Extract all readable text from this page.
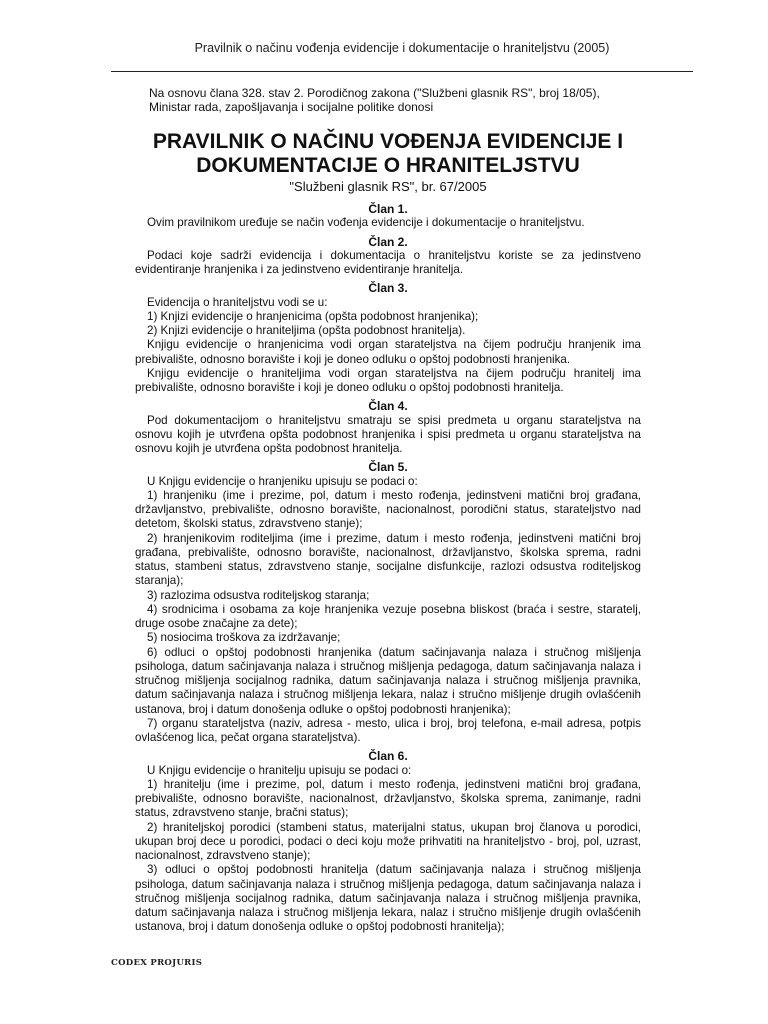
Pravilnik o načinu vođenja evidencije i dokumentacije o hraniteljstvu (2005)
Na osnovu člana 328. stav 2. Porodičnog zakona ("Službeni glasnik RS", broj 18/05),
Ministar rada, zapošljavanja i socijalne politike donosi
PRAVILNIK O NAČINU VOĐENJA EVIDENCIJE I
DOKUMENTACIJE O HRANITELJSTVU
"Službeni glasnik RS", br. 67/2005
Član 1.

Ovim pravilnikom uređuje se način vođenja evidencije i dokumentacije o hraniteljstvu.

Član 2.

Podaci koje sadrži evidencija i dokumentacija o hraniteljstvu koriste se za jedinstveno evidentiranje hranjenika i za jedinstveno evidentiranje hranitelja.

Član 3.

Evidencija o hraniteljstvu vodi se u:

1) Knjizi evidencije o hranjenicima (opšta podobnost hranjenika);

2) Knjizi evidencije o hraniteljima (opšta podobnost hranitelja).

Knjigu evidencije o hranjenicima vodi organ starateljstva na čijem području hranjenik ima prebivalište, odnosno boravište i koji je doneo odluku o opštoj podobnosti hranjenika.

Knjigu evidencije o hraniteljima vodi organ starateljstva na čijem području hranitelj ima prebivalište, odnosno boravište i koji je doneo odluku o opštoj podobnosti hranitelja.

Član 4.

Pod dokumentacijom o hraniteljstvu smatraju se spisi predmeta u organu starateljstva na osnovu kojih je utvrđena opšta podobnost hranjenika i spisi predmeta u organu starateljstva na osnovu kojih je utvrđena opšta podobnost hranitelja.

Član 5.

U Knjigu evidencije o hranjeniku upisuju se podaci o:

1) hranjeniku (ime i prezime, pol, datum i mesto rođenja, jedinstveni matični broj građana, državljanstvo, prebivalište, odnosno boravište, nacionalnost, porodični status, starateljstvo nad detetom, školski status, zdravstveno stanje);

2) hranjenikovim roditeljima (ime i prezime, datum i mesto rođenja, jedinstveni matični broj građana, prebivalište, odnosno boravište, nacionalnost, državljanstvo, školska sprema, radni status, stambeni status, zdravstveno stanje, socijalne disfunkcije, razlozi odsustva roditeljskog staranja);

3) razlozima odsustva roditeljskog staranja;

4) srodnicima i osobama za koje hranjenika vezuje posebna bliskost (braća i sestre, staratelj, druge osobe značajne za dete);

5) nosiocima troškova za izdržavanje;

6) odluci o opštoj podobnosti hranjenika (datum sačinjavanja nalaza i stručnog mišljenja psihologa, datum sačinjavanja nalaza i stručnog mišljenja pedagoga, datum sačinjavanja nalaza i stručnog mišljenja socijalnog radnika, datum sačinjavanja nalaza i stručnog mišljenja pravnika, datum sačinjavanja nalaza i stručnog mišljenja lekara, nalaz i stručno mišljenje drugih ovlašćenih ustanova, broj i datum donošenja odluke o opštoj podobnosti hranjenika);

7) organu starateljstva (naziv, adresa - mesto, ulica i broj, broj telefona, e-mail adresa, potpis ovlašćenog lica, pečat organa starateljstva).

Član 6.

U Knjigu evidencije o hranitelju upisuju se podaci o:

1) hranitelju (ime i prezime, pol, datum i mesto rođenja, jedinstveni matični broj građana, prebivalište, odnosno boravište, nacionalnost, državljanstvo, školska sprema, zanimanje, radni status, zdravstveno stanje, bračni status);

2) hraniteljskoj porodici (stambeni status, materijalni status, ukupan broj članova u porodici, ukupan broj dece u porodici, podaci o deci koju može prihvatiti na hraniteljstvo - broj, pol, uzrast, nacionalnost, zdravstveno stanje);

3) odluci o opštoj podobnosti hranitelja (datum sačinjavanja nalaza i stručnog mišljenja psihologa, datum sačinjavanja nalaza i stručnog mišljenja pedagoga, datum sačinjavanja nalaza i stručnog mišljenja socijalnog radnika, datum sačinjavanja nalaza i stručnog mišljenja pravnika, datum sačinjavanja nalaza i stručnog mišljenja lekara, nalaz i stručno mišljenje drugih ovlašćenih ustanova, broj i datum donošenja odluke o opštoj podobnosti hranitelja);

CODEX PROJURIS
